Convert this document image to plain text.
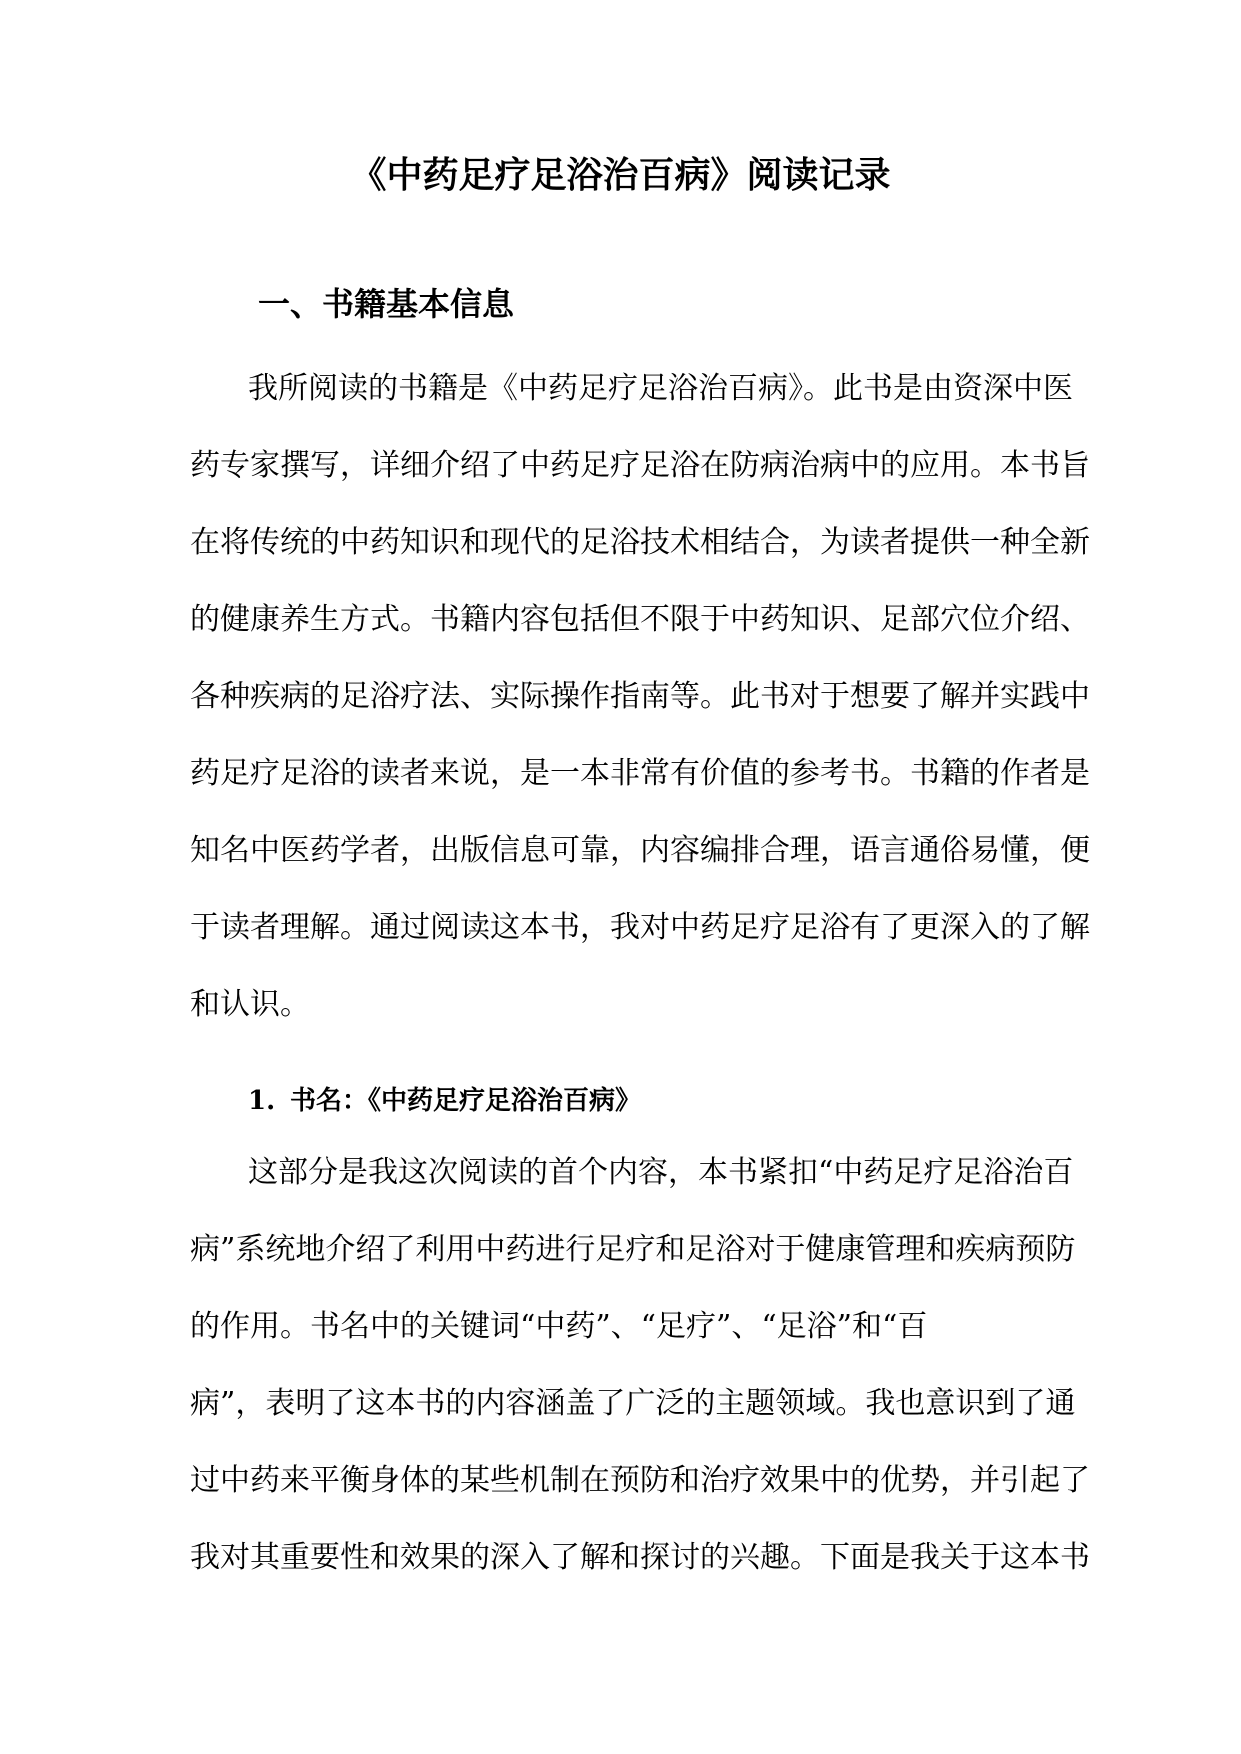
《中药足疗足浴治百病》阅读记录
一、书籍基本信息
我所阅读的书籍是《中药足疗足浴治百病》。此书是由资深中医
药专家撰写，详细介绍了中药足疗足浴在防病治病中的应用。本书旨
在将传统的中药知识和现代的足浴技术相结合，为读者提供一种全新
的健康养生方式。书籍内容包括但不限于中药知识、足部穴位介绍、
各种疾病的足浴疗法、实际操作指南等。此书对于想要了解并实践中
药足疗足浴的读者来说，是一本非常有价值的参考书。书籍的作者是
知名中医药学者，出版信息可靠，内容编排合理，语言通俗易懂，便
于读者理解。通过阅读这本书，我对中药足疗足浴有了更深入的了解
和认识。
1. 书名：《中药足疗足浴治百病》
这部分是我这次阅读的首个内容，本书紧扣“中药足疗足浴治百
病”系统地介绍了利用中药进行足疗和足浴对于健康管理和疾病预防
的作用。书名中的关键词“中药”、“足疗”、“足浴”和“百
病”，表明了这本书的内容涵盖了广泛的主题领域。我也意识到了通
过中药来平衡身体的某些机制在预防和治疗效果中的优势，并引起了
我对其重要性和效果的深入了解和探讨的兴趣。下面是我关于这本书
